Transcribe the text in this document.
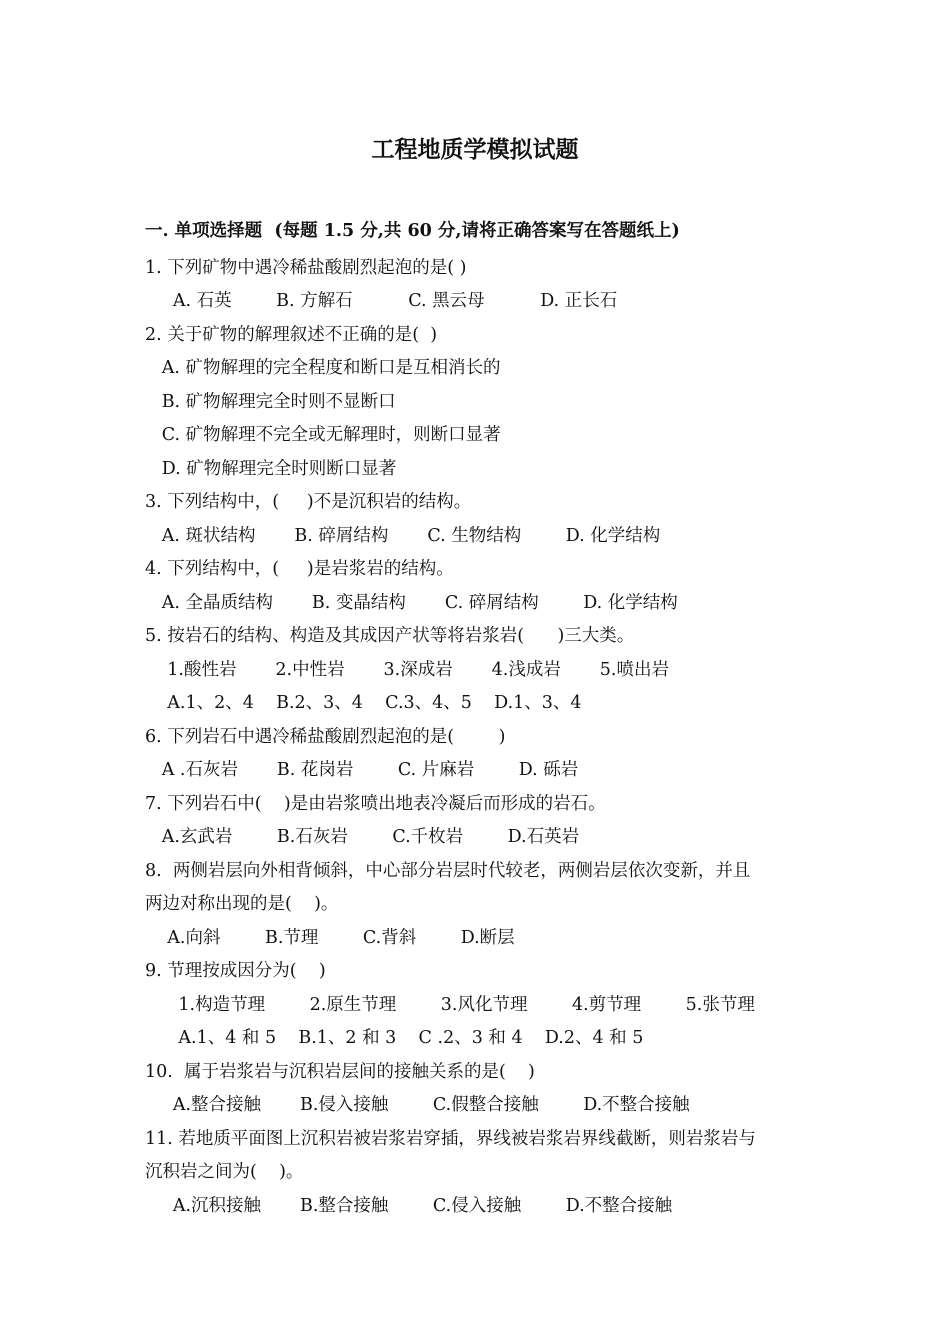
工程地质学模拟试题
一. 单项选择题  (每题 1.5 分,共 60 分,请将正确答案写在答题纸上)
1. 下列矿物中遇冷稀盐酸剧烈起泡的是( )
A. 石英        B. 方解石          C. 黑云母          D. 正长石
2. 关于矿物的解理叙述不正确的是(  )
A. 矿物解理的完全程度和断口是互相消长的
B. 矿物解理完全时则不显断口
C. 矿物解理不完全或无解理时，则断口显著
D. 矿物解理完全时则断口显著
3. 下列结构中，(     )不是沉积岩的结构。
A. 斑状结构       B. 碎屑结构       C. 生物结构        D. 化学结构
4. 下列结构中，(     )是岩浆岩的结构。
A. 全晶质结构       B. 变晶结构       C. 碎屑结构        D. 化学结构
5. 按岩石的结构、构造及其成因产状等将岩浆岩(      )三大类。
1.酸性岩       2.中性岩       3.深成岩       4.浅成岩       5.喷出岩
A.1、2、4    B.2、3、4    C.3、4、5    D.1、3、4
6. 下列岩石中遇冷稀盐酸剧烈起泡的是(        )
A .石灰岩       B. 花岗岩        C. 片麻岩        D. 砾岩
7. 下列岩石中(    )是由岩浆喷出地表冷凝后而形成的岩石。
A.玄武岩        B.石灰岩        C.千枚岩        D.石英岩
8.  两侧岩层向外相背倾斜，中心部分岩层时代较老，两侧岩层依次变新，并且
两边对称出现的是(    )。
A.向斜        B.节理        C.背斜        D.断层
9. 节理按成因分为(    )
1.构造节理        2.原生节理        3.风化节理        4.剪节理        5.张节理
A.1、4 和 5    B.1、2 和 3    C .2、3 和 4    D.2、4 和 5
10.  属于岩浆岩与沉积岩层间的接触关系的是(    )
A.整合接触       B.侵入接触        C.假整合接触        D.不整合接触
11. 若地质平面图上沉积岩被岩浆岩穿插，界线被岩浆岩界线截断，则岩浆岩与
沉积岩之间为(    )。
A.沉积接触       B.整合接触        C.侵入接触        D.不整合接触
